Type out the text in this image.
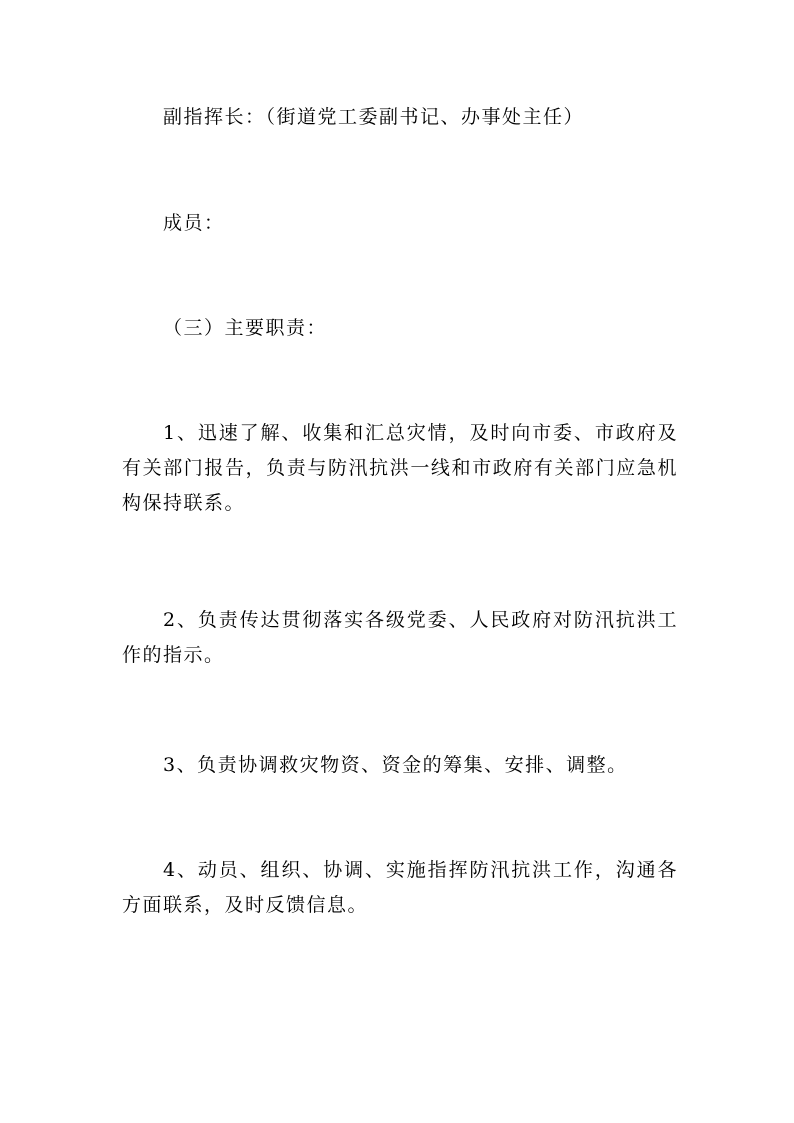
副指挥长：（街道党工委副书记、办事处主任）

成员：

（三）主要职责：

1、迅速了解、收集和汇总灾情，及时向市委、市政府及有关部门报告，负责与防汛抗洪一线和市政府有关部门应急机构保持联系。

2、负责传达贯彻落实各级党委、人民政府对防汛抗洪工作的指示。

3、负责协调救灾物资、资金的筹集、安排、调整。

4、动员、组织、协调、实施指挥防汛抗洪工作，沟通各方面联系，及时反馈信息。
